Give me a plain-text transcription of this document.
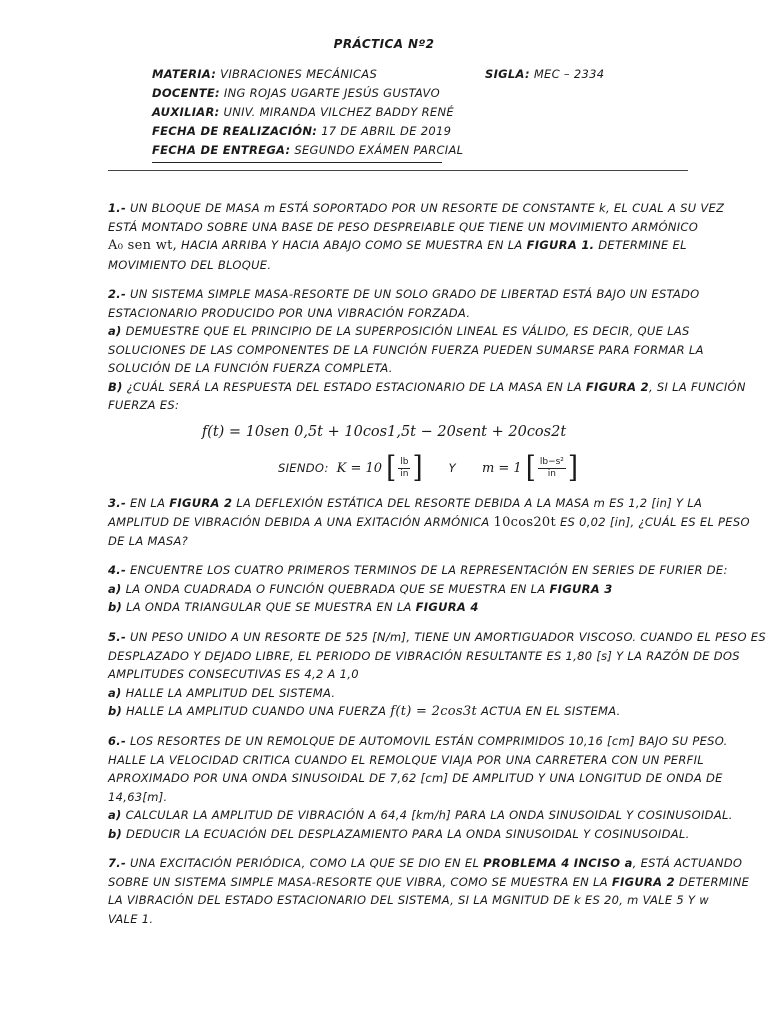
PRÁCTICA Nº2
MATERIA: VIBRACIONES MECÁNICAS
DOCENTE: ING ROJAS UGARTE JESÚS GUSTAVO
AUXILIAR: UNIV. MIRANDA VILCHEZ BADDY RENÉ
FECHA DE REALIZACIÓN: 17 DE ABRIL DE 2019
FECHA DE ENTREGA: SEGUNDO EXÁMEN PARCIAL
SIGLA: MEC – 2334
1.- UN BLOQUE DE MASA m ESTÁ SOPORTADO POR UN RESORTE DE CONSTANTE k, EL CUAL A SU VEZ
ESTÁ MONTADO SOBRE UNA BASE DE PESO DESPREIABLE QUE TIENE UN MOVIMIENTO ARMÓNICO
A₀ sen wt, HACIA ARRIBA Y HACIA ABAJO COMO SE MUESTRA EN LA FIGURA 1. DETERMINE EL
MOVIMIENTO DEL BLOQUE.
2.- UN SISTEMA SIMPLE MASA-RESORTE DE UN SOLO GRADO DE LIBERTAD ESTÁ BAJO UN ESTADO
ESTACIONARIO PRODUCIDO POR UNA VIBRACIÓN FORZADA.
a) DEMUESTRE QUE EL PRINCIPIO DE LA SUPERPOSICIÓN LINEAL ES VÁLIDO, ES DECIR, QUE LAS
SOLUCIONES DE LAS COMPONENTES DE LA FUNCIÓN FUERZA PUEDEN SUMARSE PARA FORMAR LA
SOLUCIÓN DE LA FUNCIÓN FUERZA COMPLETA.
B) ¿CUÁL SERÁ LA RESPUESTA DEL ESTADO ESTACIONARIO DE LA MASA EN LA FIGURA 2, SI LA FUNCIÓN
FUERZA ES:
f(t) = 10sen 0,5t + 10cos1,5t − 20sent + 20cos2t
SIENDO: K = 10 [ $\frac{lb}{in}$ ] Y m = 1 [ $\frac{\text{lb−s²}}{in}$ ]
3.- EN LA FIGURA 2 LA DEFLEXIÓN ESTÁTICA DEL RESORTE DEBIDA A LA MASA m ES 1,2 [in] Y LA
AMPLITUD DE VIBRACIÓN DEBIDA A UNA EXITACIÓN ARMÓNICA 10cos20t ES 0,02 [in], ¿CUÁL ES EL PESO
DE LA MASA?
4.- ENCUENTRE LOS CUATRO PRIMEROS TERMINOS DE LA REPRESENTACIÓN EN SERIES DE FURIER DE:
a) LA ONDA CUADRADA O FUNCIÓN QUEBRADA QUE SE MUESTRA EN LA FIGURA 3
b) LA ONDA TRIANGULAR QUE SE MUESTRA EN LA FIGURA 4
5.- UN PESO UNIDO A UN RESORTE DE 525 [N/m], TIENE UN AMORTIGUADOR VISCOSO. CUANDO EL PESO ES
DESPLAZADO Y DEJADO LIBRE, EL PERIODO DE VIBRACIÓN RESULTANTE ES 1,80 [s] Y LA RAZÓN DE DOS
AMPLITUDES CONSECUTIVAS ES 4,2 A 1,0
a) HALLE LA AMPLITUD DEL SISTEMA.
b) HALLE LA AMPLITUD CUANDO UNA FUERZA f(t) = 2cos3t ACTUA EN EL SISTEMA.
6.- LOS RESORTES DE UN REMOLQUE DE AUTOMOVIL ESTÁN COMPRIMIDOS 10,16 [cm] BAJO SU PESO.
HALLE LA VELOCIDAD CRITICA CUANDO EL REMOLQUE VIAJA POR UNA CARRETERA CON UN PERFIL
APROXIMADO POR UNA ONDA SINUSOIDAL DE 7,62 [cm] DE AMPLITUD Y UNA LONGITUD DE ONDA DE
14,63[m].
a) CALCULAR LA AMPLITUD DE VIBRACIÓN A 64,4 [km/h] PARA LA ONDA SINUSOIDAL Y COSINUSOIDAL.
b) DEDUCIR LA ECUACIÓN DEL DESPLAZAMIENTO PARA LA ONDA SINUSOIDAL Y COSINUSOIDAL.
7.- UNA EXCITACIÓN PERIÓDICA, COMO LA QUE SE DIO EN EL PROBLEMA 4 INCISO a, ESTÁ ACTUANDO
SOBRE UN SISTEMA SIMPLE MASA-RESORTE QUE VIBRA, COMO SE MUESTRA EN LA FIGURA 2 DETERMINE
LA VIBRACIÓN DEL ESTADO ESTACIONARIO DEL SISTEMA, SI LA MGNITUD DE k ES 20, m VALE 5 Y w
VALE 1.
